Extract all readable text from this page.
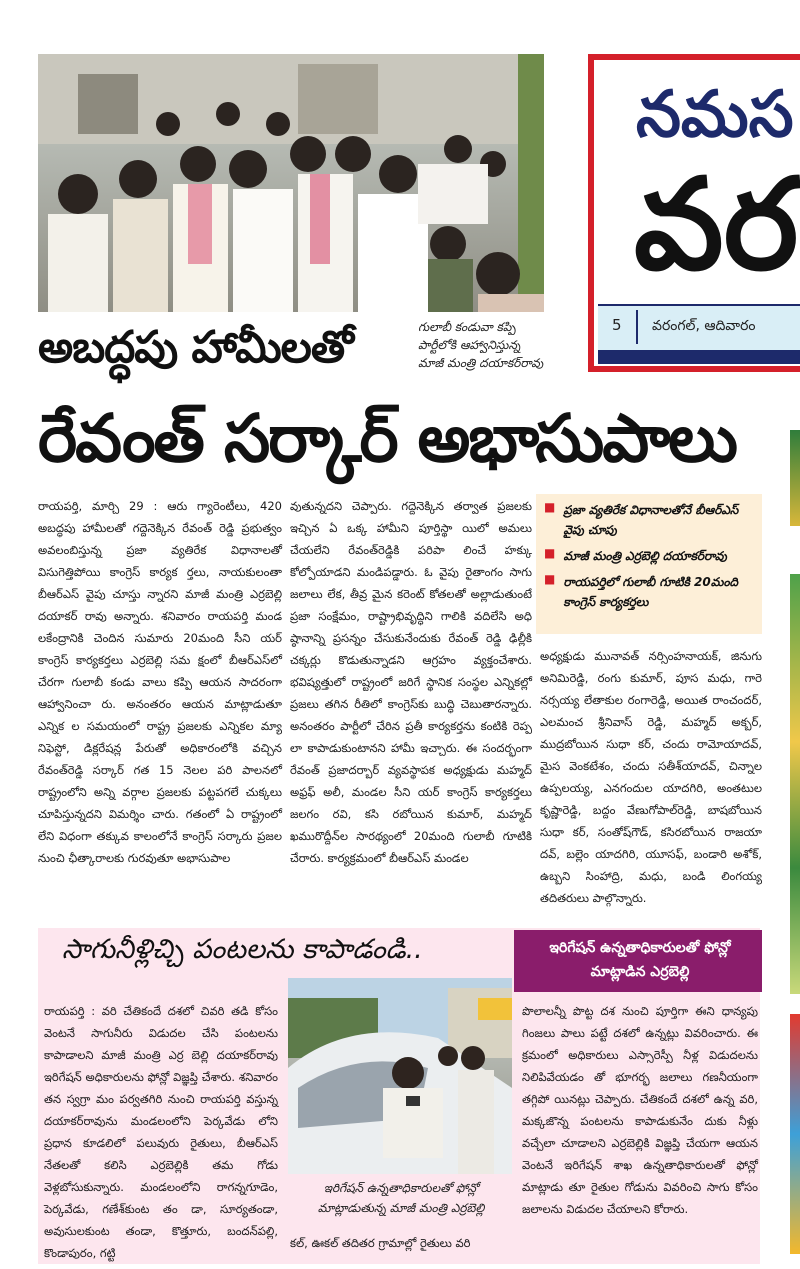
నమస
వర
5 వరంగల్, ఆదివారం
అబద్ధపు హామీలతో	గులాబీ కండువా కప్పి పార్టీలోకి ఆహ్వానిస్తున్న మాజీ మంత్రి దయాకర్‌రావు
రేవంత్ సర్కార్ అభాసుపాలు
రాయపర్తి, మార్చి 29 : ఆరు గ్యారెంటీలు, 420 అబద్ధపు హామీలతో గద్దెనెక్కిన రేవంత్ రెడ్డి ప్రభుత్వం అవలంబిస్తున్న ప్రజా వ్యతిరేక విధానాలతో విసుగెత్తిపోయి కాంగ్రెస్ కార్యక ర్తలు, నాయకులంతా బీఆర్ఎస్ వైపు చూస్తు న్నారని మాజీ మంత్రి ఎర్రబెల్లి దయాకర్ రావు అన్నారు. శనివారం రాయపర్తి మండ లకేంద్రానికి చెందిన సుమారు 20మంది సీని యర్ కాంగ్రెస్ కార్యకర్తలు ఎర్రబెల్లి సమ క్షంలో బీఆర్ఎస్‌లో చేరగా గులాబీ కండు వాలు కప్పి ఆయన సాదరంగా ఆహ్వానించా రు. అనంతరం ఆయన మాట్లాడుతూ ఎన్నిక ల సమయంలో రాష్ట్ర ప్రజలకు ఎన్నికల మ్యా నిఫెస్టో, డిక్లరేషన్ల పేరుతో అధికారంలోకి వచ్చిన రేవంత్‌రెడ్డి సర్కార్ గత 15 నెలల పరి పాలనలో రాష్ట్రంలోని అన్ని వర్గాల ప్రజలకు పట్టపగలే చుక్కలు చూపిస్తున్నదని విమర్శిం చారు. గతంలో ఏ రాష్ట్రంలో లేని విధంగా తక్కువ కాలంలోనే కాంగ్రెస్ సర్కారు ప్రజల నుంచి ఛీత్కారాలకు గురవుతూ అభాసుపాల
వుతున్నదని చెప్పారు. గద్దెనెక్కిన తర్వాత ప్రజలకు ఇచ్చిన ఏ ఒక్క హామీని పూర్తిస్థా యిలో అమలు చేయలేని రేవంత్‌రెడ్డికి పరిపా లించే హక్కు కోల్పోయాడని మండిపడ్డారు. ఓ వైపు రైతాంగం సాగు జలాలు లేక, తీవ్ర మైన కరెంట్ కోతలతో అల్లాడుతుంటే ప్రజా సంక్షేమం, రాష్ట్రాభివృద్ధిని గాలికి వదిలేసి అధి ష్ఠానాన్ని ప్రసన్నం చేసుకునేందుకు రేవంత్ రెడ్డి ఢిల్లీకి చక్కర్లు కొడుతున్నాడని ఆగ్రహం వ్యక్తంచేశారు. భవిష్యత్తులో రాష్ట్రంలో జరిగే స్థానిక సంస్థల ఎన్నికల్లో ప్రజలు తగిన రీతిలో కాంగ్రెస్‌కు బుద్ధి చెబుతారన్నారు. అనంతరం పార్టీలో చేరిన ప్రతీ కార్యకర్తను కంటికి రెప్ప లా కాపాడుకుంటానని హామీ ఇచ్చారు. ఈ సందర్భంగా రేవంత్ ప్రజాదర్బార్ వ్యవస్థాపక అధ్యక్షుడు మహ్మద్ అఫ్రఫ్ అలీ, మండల సీని యర్ కాంగ్రెస్ కార్యకర్తలు జలగం రవి, కసి రబోయిన కుమార్, మహ్మద్ ఖమురొద్దీన్‌ల సారథ్యంలో 20మంది గులాబీ గూటికి చేరారు. కార్యక్రమంలో బీఆర్ఎస్ మండల
■ ప్రజా వ్యతిరేక విధానాలతోనే బీఆర్ఎస్ వైపు చూపు
■ మాజీ మంత్రి ఎర్రబెల్లి దయాకర్‌రావు
■ రాయపర్తిలో గులాబీ గూటికి 20మంది కాంగ్రెస్ కార్యకర్తలు
అధ్యక్షుడు మునావత్ నర్సింహనాయక్, జినుగు అనిమిరెడ్డి, రంగు కుమార్, పూస మధు, గారె నర్సయ్య లేతాకుల రంగారెడ్డి, అయిత రాంచందర్, ఎలమంచ శ్రీనివాస్ రెడ్డి, మహ్మద్ అక్బర్, ముద్రబోయిన సుధా కర్, చందు రామోయాదవ్, మైస వెంకటేశం, చందు సతీశ్‌యాదవ్, చిన్నాల ఉప్పలయ్య, ఎనగందుల యాదగిరి, అంతటుల కృష్ణారెడ్డి, బద్దం వేణుగోపాల్‌రెడ్డి, బాషబోయిన సుధా కర్, సంతోష్‌గౌడ్, కసిరబోయిన రాజయా దవ్, బల్లెం యాదగిరి, యూసఫ్, బండారి అశోక్, ఉబ్బని సింహాద్రి, మధు, బండి లింగయ్య తదితరులు పాల్గొన్నారు.
సాగునీళ్లిచ్చి పంటలను కాపాడండి..	ఇరిగేషన్ ఉన్నతాధికారులతో ఫోన్లో మాట్లాడిన ఎర్రబెల్లి
రాయపర్తి : వరి చేతికందే దశలో చివరి తడి కోసం వెంటనే సాగునీరు విడుదల చేసి పంటలను కాపాడాలని మాజీ మంత్రి ఎర్ర బెల్లి దయాకర్‌రావు ఇరిగేషన్ అధికారులను ఫోన్లో విజ్ఞప్తి చేశారు. శనివారం తన స్వగ్రా మం పర్వతగిరి నుంచి రాయపర్తి వస్తున్న దయాకర్‌రావును మండలంలోని పెర్కవేడు లోని ప్రధాన కూడలిలో పలువురు రైతులు, బీఆర్ఎస్ నేతలతో కలిసి ఎర్రబెల్లికి తమ గోడు వెళ్లబోసుకున్నారు. మండలంలోని రాగన్నగూడెం, పెర్కవేడు, గణేశ్‌కుంట తం డా, సూర్యతండా, అవుసులకుంట తండా, కొత్తూరు, బందన్‌పల్లి, కొండాపురం, గట్టి
ఇరిగేషన్ ఉన్నతాధికారులతో ఫోన్లో మాట్లాడుతున్న మాజీ మంత్రి ఎర్రబెల్లి
కల్, ఊకల్ తదితర గ్రామాల్లో రైతులు వరి
పొలాలన్నీ పొట్ట దశ నుంచి పూర్తిగా ఈని ధాన్యపు గింజలు పాలు పట్టే దశలో ఉన్నట్లు వివరించారు. ఈ క్రమంలో అధికారులు ఎస్సారెస్పీ నీళ్ల విడుదలను నిలిపివేయడం తో భూగర్భ జలాలు గణనీయంగా తగ్గిపో యినట్లు చెప్పారు. చేతికందే దశలో ఉన్న వరి, మక్కజొన్న పంటలను కాపాడుకునేం దుకు నీళ్లు వచ్చేలా చూడాలని ఎర్రబెల్లికి విజ్ఞప్తి చేయగా ఆయన వెంటనే ఇరిగేషన్ శాఖ ఉన్నతాధికారులతో ఫోన్లో మాట్లాడు తూ రైతుల గోడును వివరించి సాగు కోసం జలాలను విడుదల చేయాలని కోరారు.
